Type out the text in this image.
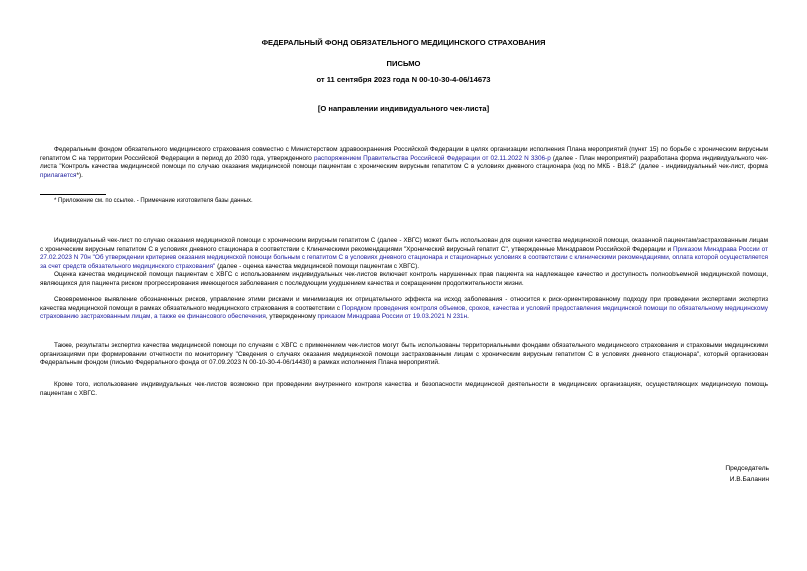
ФЕДЕРАЛЬНЫЙ ФОНД ОБЯЗАТЕЛЬНОГО МЕДИЦИНСКОГО СТРАХОВАНИЯ
ПИСЬМО
от 11 сентября 2023 года N 00-10-30-4-06/14673
[О направлении индивидуального чек-листа]

Федеральным фондом обязательного медицинского страхования совместно с Министерством здравоохранения Российской Федерации в целях организации исполнения Плана мероприятий (пункт 15) по борьбе с хроническим вирусным гепатитом С на территории Российской Федерации в период до 2030 года, утвержденного распоряжением Правительства Российской Федерации от 02.11.2022 N 3306-р (далее - План мероприятий) разработана форма индивидуального чек-листа "Контроль качества медицинской помощи по случаю оказания медицинской помощи пациентам с хроническим вирусным гепатитом С в условиях дневного стационара (код по МКБ - В18.2" (далее - индивидуальный чек-лист, форма прилагается*).

* Приложение см. по ссылке. - Примечание изготовителя базы данных.

Индивидуальный чек-лист по случаю оказания медицинской помощи с хроническим вирусным гепатитом С (далее - ХВГС) может быть использован для оценки качества медицинской помощи, оказанной пациентам/застрахованным лицам с хроническим вирусным гепатитом С в условиях дневного стационара в соответствии с Клиническими рекомендациями "Хронический вирусный гепатит С", утвержденные Минздравом Российской Федерации и Приказом Минздрава России от 27.02.2023 N 70н "Об утверждении критериев оказания медицинской помощи больным с гепатитом С в условиях дневного стационара и стационарных условиях в соответствии с клиническими рекомендациями, оплата которой осуществляется за счет средств обязательного медицинского страхования" (далее - оценка качества медицинской помощи пациентам с ХВГС).

Оценка качества медицинской помощи пациентам с ХВГС с использованием индивидуальных чек-листов включает контроль нарушенных прав пациента на надлежащее качество и доступность полноobъемной медицинской помощи, являющихся для пациента риском прогрессирования имеющегося заболевания с последующим ухудшением качества и сокращением продолжительности жизни.

Своевременное выявление обозначенных рисков, управление этими рисками и минимизация их отрицательного эффекта на исход заболевания - относится к риск-ориентированному подходу при проведении экспертами экспертиз качества медицинской помощи в рамках обязательного медицинского страхования в соответствии с Порядком проведения контроля объемов, сроков, качества и условий предоставления медицинской помощи по обязательному медицинскому страхованию застрахованным лицам, а также ее финансового обеспечения, утвержденному приказом Минздрава России от 19.03.2021 N 231н.

Также, результаты экспертиз качества медицинской помощи по случаям с ХВГС с применением чек-листов могут быть использованы территориальными фондами обязательного медицинского страхования и страховыми медицинскими организациями при формировании отчетности по мониторингу "Сведения о случаях оказания медицинской помощи застрахованным лицам с хроническим вирусным гепатитом С в условиях дневного стационара", который организован Федеральным фондом (письмо Федерального фонда от 07.09.2023 N 00-10-30-4-06/14430) в рамках исполнения Плана мероприятий.

Кроме того, использование индивидуальных чек-листов возможно при проведении внутреннего контроля качества и безопасности медицинской деятельности в медицинских организациях, осуществляющих медицинскую помощь пациентам с ХВГС.

Председатель
И.В.Баланин
